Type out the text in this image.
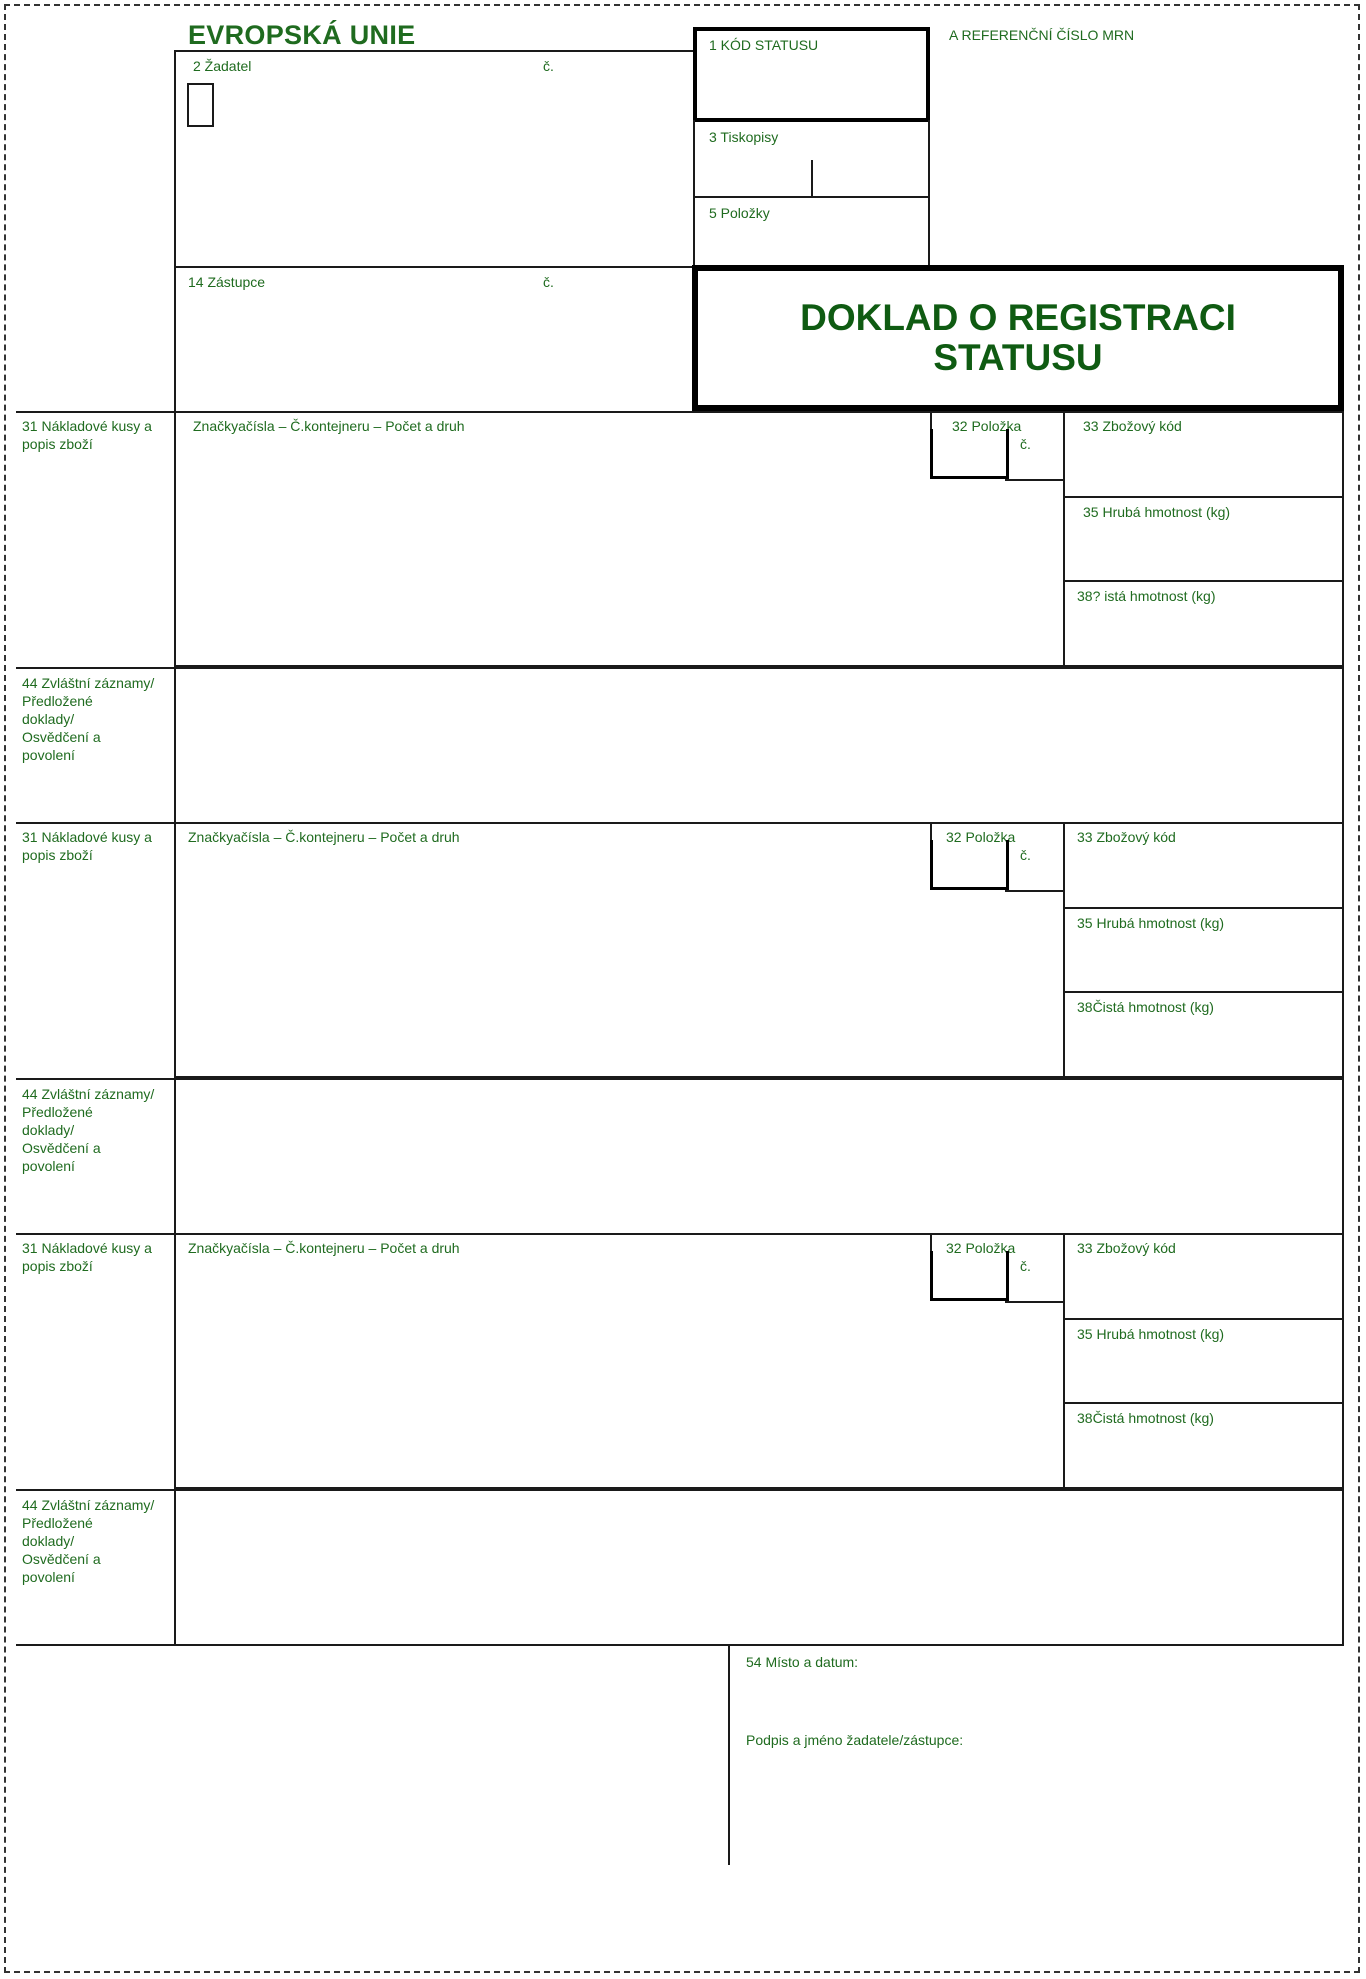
EVROPSKÁ UNIE	A REFERENČNÍ ČÍSLO MRN
2 Žadatel	č.
14 Zástupce	č.
1 KÓD STATUSU
3 Tiskopisy
5 Položky
DOKLAD O REGISTRACI
STATUSU
31 Nákladové kusy a
popis zboží
Značkyačísla – Č.kontejneru – Počet a druh	32 Položka
č.
33 Zbožový kód
35 Hrubá hmotnost (kg)
38? istá hmotnost (kg)
44 Zvláštní záznamy/
Předložené
doklady/
Osvědčení a
povolení
31 Nákladové kusy a
popis zboží
Značkyačísla – Č.kontejneru – Počet a druh	32 Položka
č.
33 Zbožový kód
35 Hrubá hmotnost (kg)
38Čistá hmotnost (kg)
44 Zvláštní záznamy/
Předložené
doklady/
Osvědčení a
povolení
31 Nákladové kusy a
popis zboží
Značkyačísla – Č.kontejneru – Počet a druh	32 Položka
č.
33 Zbožový kód
35 Hrubá hmotnost (kg)
38Čistá hmotnost (kg)
44 Zvláštní záznamy/
Předložené
doklady/
Osvědčení a
povolení
54 Místo a datum:
Podpis a jméno žadatele/zástupce:
